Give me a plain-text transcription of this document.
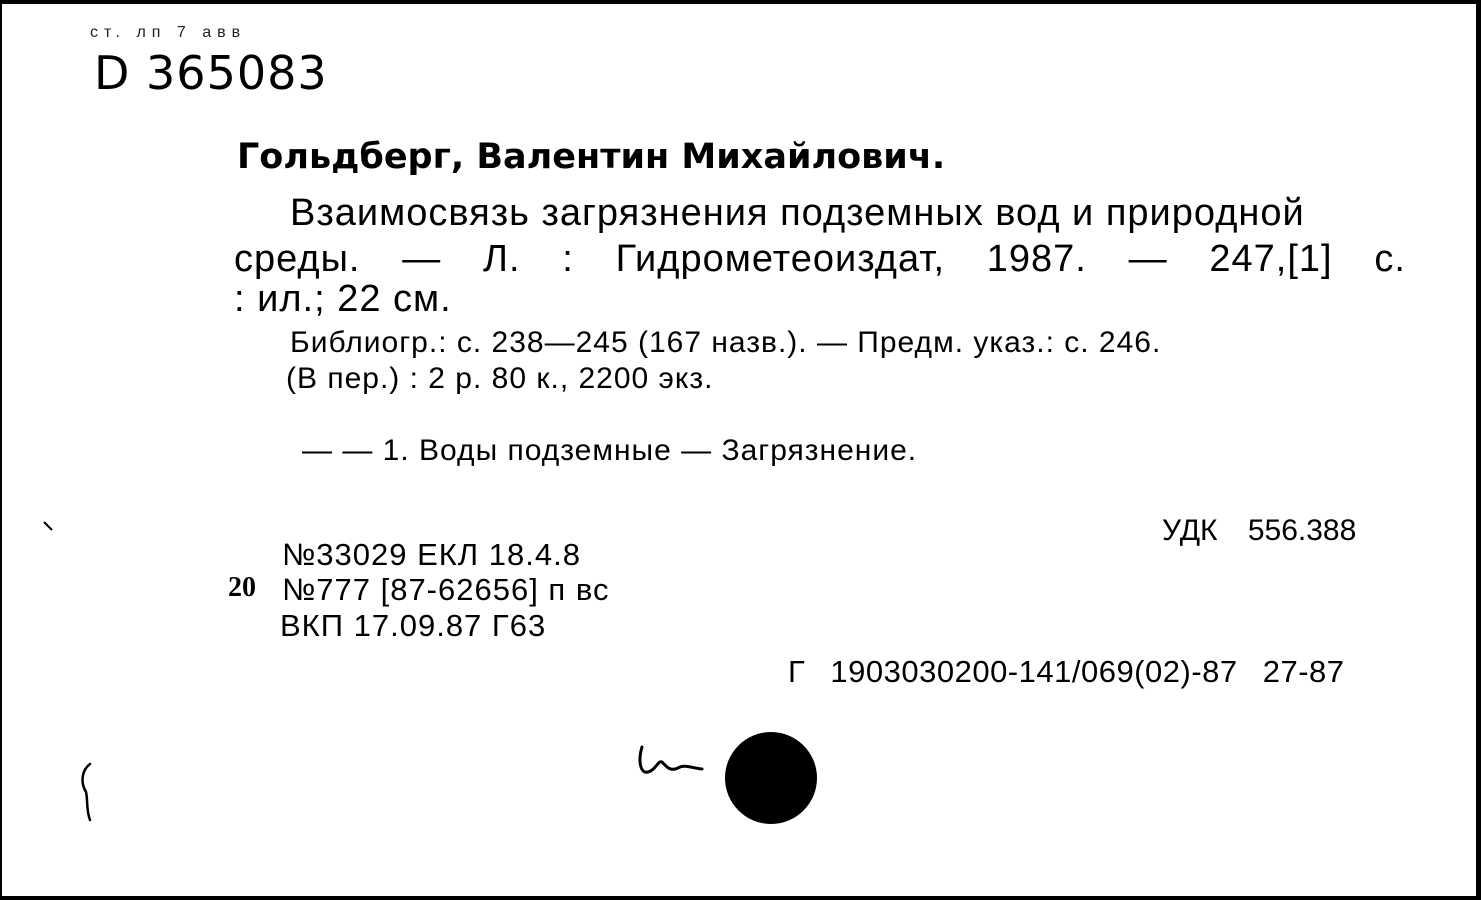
ст. лп 7 авв
D 365083
Гольдберг, Валентин Михайлович.
Взаимосвязь загрязнения подземных вод и природной
среды. — Л. : Гидрометеоиздат, 1987. — 247,[1] с.
: ил.; 22 см.
Библиогр.: с. 238—245 (167 назв.). — Предм. указ.: с. 246.
(В пер.) : 2 р. 80 к., 2200 экз.
— — 1. Воды подземные — Загрязнение.
УДК 556.388
№33029 ЕКЛ 18.4.8
20 №777 [87-62656] п вс
ВКП 17.09.87 Г63
Г 1903030200-141/069(02)-87 27-87
